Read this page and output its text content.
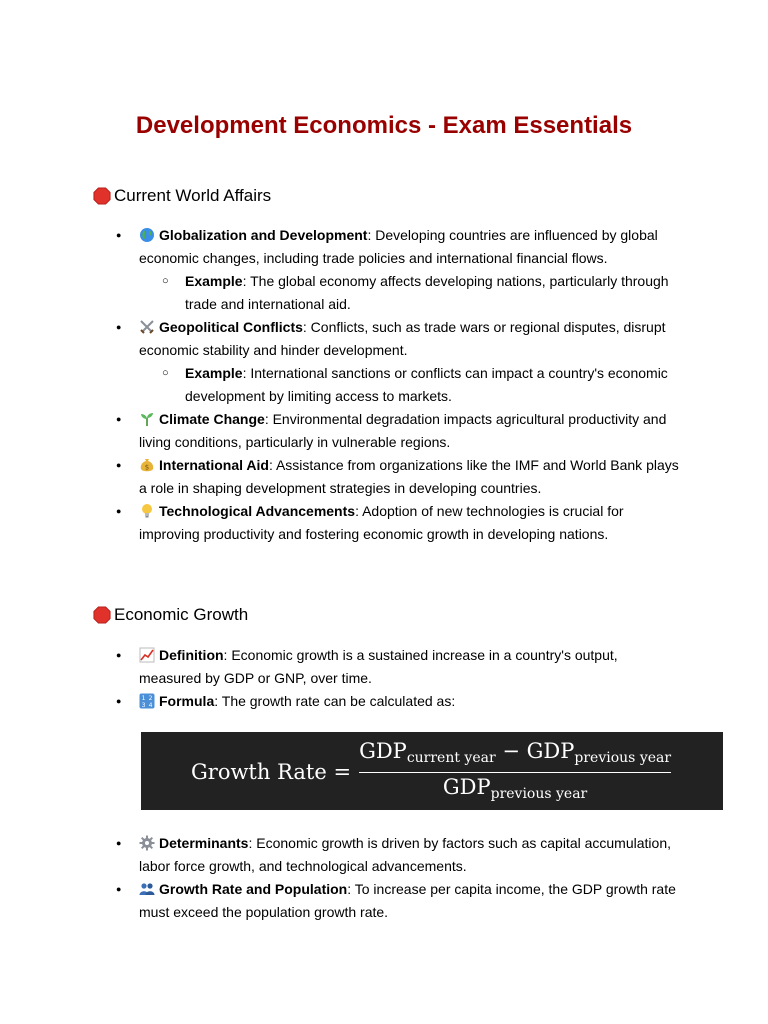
Development Economics - Exam Essentials
Current World Affairs
● Globalization and Development: Developing countries are influenced by global economic changes, including trade policies and international financial flows.
○ Example: The global economy affects developing nations, particularly through trade and international aid.
● Geopolitical Conflicts: Conflicts, such as trade wars or regional disputes, disrupt economic stability and hinder development.
○ Example: International sanctions or conflicts can impact a country's economic development by limiting access to markets.
● Climate Change: Environmental degradation impacts agricultural productivity and living conditions, particularly in vulnerable regions.
● $ International Aid: Assistance from organizations like the IMF and World Bank plays a role in shaping development strategies in developing countries.
● Technological Advancements: Adoption of new technologies is crucial for improving productivity and fostering economic growth in developing nations.
Economic Growth
● Definition: Economic growth is a sustained increase in a country's output, measured by GDP or GNP, over time.
● 1 2
3 4 Formula: The growth rate can be calculated as:
Growth Rate = $\frac{GDP_{current year} - GDP_{previous year}}{GDP_{previous year}}$
● Determinants: Economic growth is driven by factors such as capital accumulation, labor force growth, and technological advancements.
● Growth Rate and Population: To increase per capita income, the GDP growth rate must exceed the population growth rate.
